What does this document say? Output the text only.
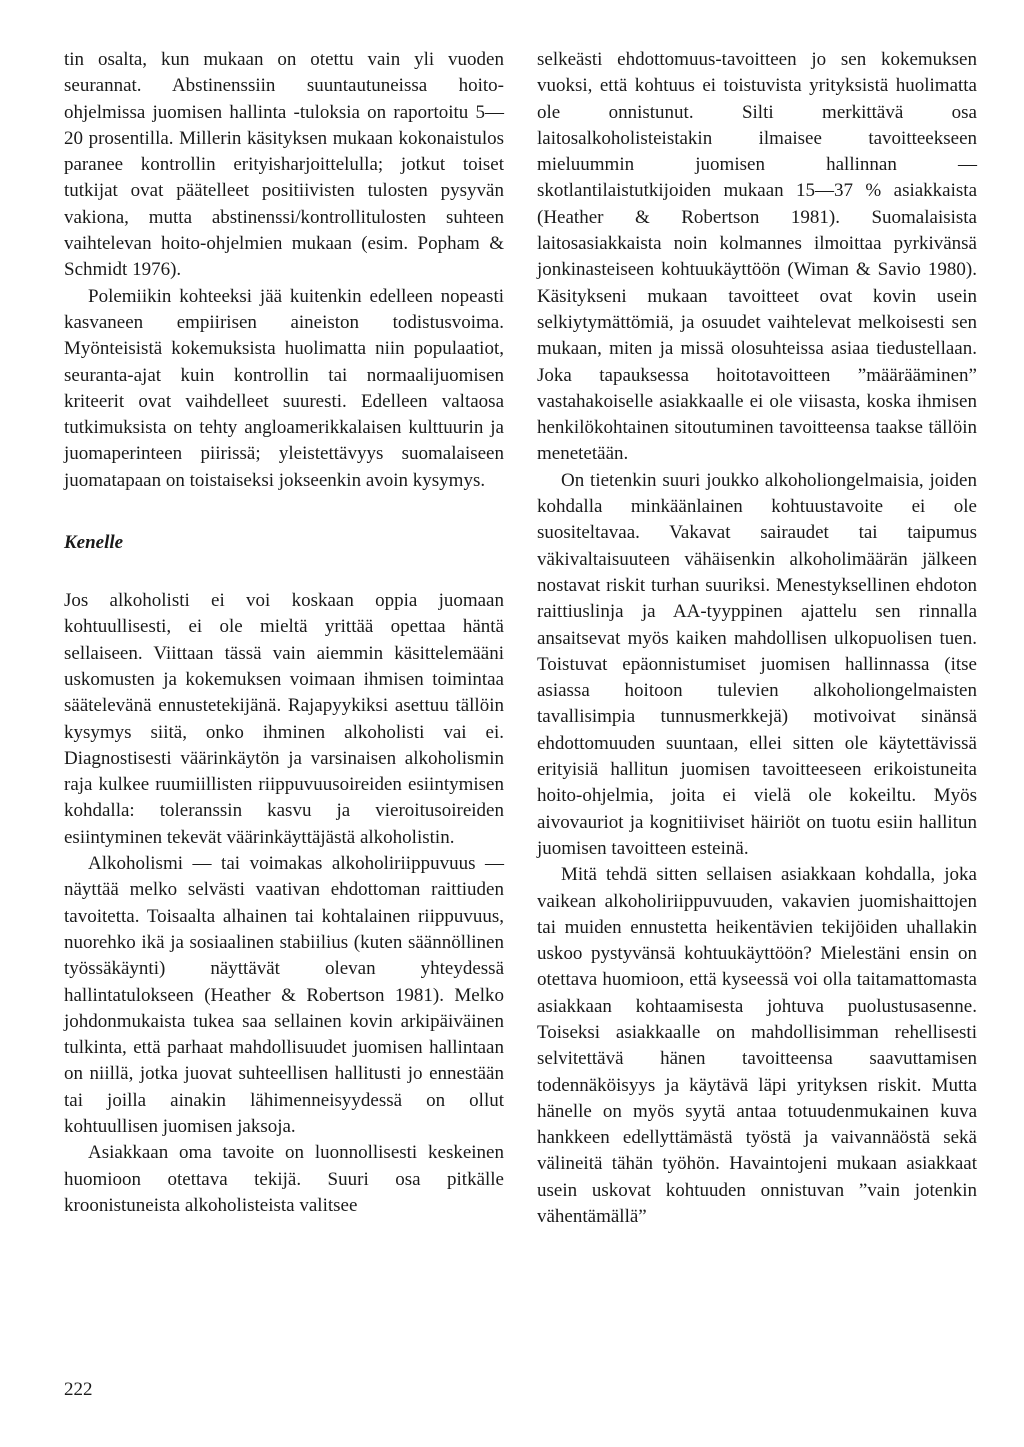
tin osalta, kun mukaan on otettu vain yli vuoden seurannat. Abstinenssiin suuntautuneissa hoito-ohjelmissa juomisen hallinta -tuloksia on raportoitu 5—20 prosentilla. Millerin käsityksen mukaan kokonaistulos paranee kontrollin erityisharjoittelulla; jotkut toiset tutkijat ovat päätelleet positiivisten tulosten pysyvän vakiona, mutta abstinenssi/kontrollitulosten suhteen vaihtelevan hoito-ohjelmien mukaan (esim. Popham & Schmidt 1976).

Polemiikin kohteeksi jää kuitenkin edelleen nopeasti kasvaneen empiirisen aineiston todistusvoima. Myönteisistä kokemuksista huolimatta niin populaatiot, seuranta-ajat kuin kontrollin tai normaalijuomisen kriteerit ovat vaihdelleet suuresti. Edelleen valtaosa tutkimuksista on tehty angloamerikkalaisen kulttuurin ja juomaperinteen piirissä; yleistettävyys suomalaiseen juomatapaan on toistaiseksi jokseenkin avoin kysymys.

Kenelle

Jos alkoholisti ei voi koskaan oppia juomaan kohtuullisesti, ei ole mieltä yrittää opettaa häntä sellaiseen. Viittaan tässä vain aiemmin käsittelemääni uskomusten ja kokemuksen voimaan ihmisen toimintaa säätelevänä ennustetekijänä. Rajapyykiksi asettuu tällöin kysymys siitä, onko ihminen alkoholisti vai ei. Diagnostisesti väärinkäytön ja varsinaisen alkoholismin raja kulkee ruumiillisten riippuvuusoireiden esiintymisen kohdalla: toleranssin kasvu ja vieroitusoireiden esiintyminen tekevät väärinkäyttäjästä alkoholistin.

Alkoholismi — tai voimakas alkoholiriippuvuus — näyttää melko selvästi vaativan ehdottoman raittiuden tavoitetta. Toisaalta alhainen tai kohtalainen riippuvuus, nuorehko ikä ja sosiaalinen stabiilius (kuten säännöllinen työssäkäynti) näyttävät olevan yhteydessä hallintatulokseen (Heather & Robertson 1981). Melko johdonmukaista tukea saa sellainen kovin arkipäiväinen tulkinta, että parhaat mahdollisuudet juomisen hallintaan on niillä, jotka juovat suhteellisen hallitusti jo ennestään tai joilla ainakin lähimenneisyydessä on ollut kohtuullisen juomisen jaksoja.

Asiakkaan oma tavoite on luonnollisesti keskeinen huomioon otettava tekijä. Suuri osa pitkälle kroonistuneista alkoholisteista valitsee

selkeästi ehdottomuus-tavoitteen jo sen kokemuksen vuoksi, että kohtuus ei toistuvista yrityksistä huolimatta ole onnistunut. Silti merkittävä osa laitosalkoholisteistakin ilmaisee tavoitteekseen mieluummin juomisen hallinnan — skotlantilaistutkijoiden mukaan 15—37 % asiakkaista (Heather & Robertson 1981). Suomalaisista laitosasiakkaista noin kolmannes ilmoittaa pyrkivänsä jonkinasteiseen kohtuukäyttöön (Wiman & Savio 1980). Käsitykseni mukaan tavoitteet ovat kovin usein selkiytymättömiä, ja osuudet vaihtelevat melkoisesti sen mukaan, miten ja missä olosuhteissa asiaa tiedustellaan. Joka tapauksessa hoitotavoitteen ”määrääminen” vastahakoiselle asiakkaalle ei ole viisasta, koska ihmisen henkilökohtainen sitoutuminen tavoitteensa taakse tällöin menetetään.

On tietenkin suuri joukko alkoholiongelmaisia, joiden kohdalla minkäänlainen kohtuustavoite ei ole suositeltavaa. Vakavat sairaudet tai taipumus väkivaltaisuuteen vähäisenkin alkoholimäärän jälkeen nostavat riskit turhan suuriksi. Menestyksellinen ehdoton raittiuslinja ja AA-tyyppinen ajattelu sen rinnalla ansaitsevat myös kaiken mahdollisen ulkopuolisen tuen. Toistuvat epäonnistumiset juomisen hallinnassa (itse asiassa hoitoon tulevien alkoholiongelmaisten tavallisimpia tunnusmerkkejä) motivoivat sinänsä ehdottomuuden suuntaan, ellei sitten ole käytettävissä erityisiä hallitun juomisen tavoitteeseen erikoistuneita hoito-ohjelmia, joita ei vielä ole kokeiltu. Myös aivovauriot ja kognitiiviset häiriöt on tuotu esiin hallitun juomisen tavoitteen esteinä.

Mitä tehdä sitten sellaisen asiakkaan kohdalla, joka vaikean alkoholiriippuvuuden, vakavien juomishaittojen tai muiden ennustetta heikentävien tekijöiden uhallakin uskoo pystyvänsä kohtuukäyttöön? Mielestäni ensin on otettava huomioon, että kyseessä voi olla taitamattomasta asiakkaan kohtaamisesta johtuva puolustusasenne. Toiseksi asiakkaalle on mahdollisimman rehellisesti selvitettävä hänen tavoitteensa saavuttamisen todennäköisyys ja käytävä läpi yrityksen riskit. Mutta hänelle on myös syytä antaa totuudenmukainen kuva hankkeen edellyttämästä työstä ja vaivannäöstä sekä välineitä tähän työhön. Havaintojeni mukaan asiakkaat usein uskovat kohtuuden onnistuvan ”vain jotenkin vähentämällä”

222
